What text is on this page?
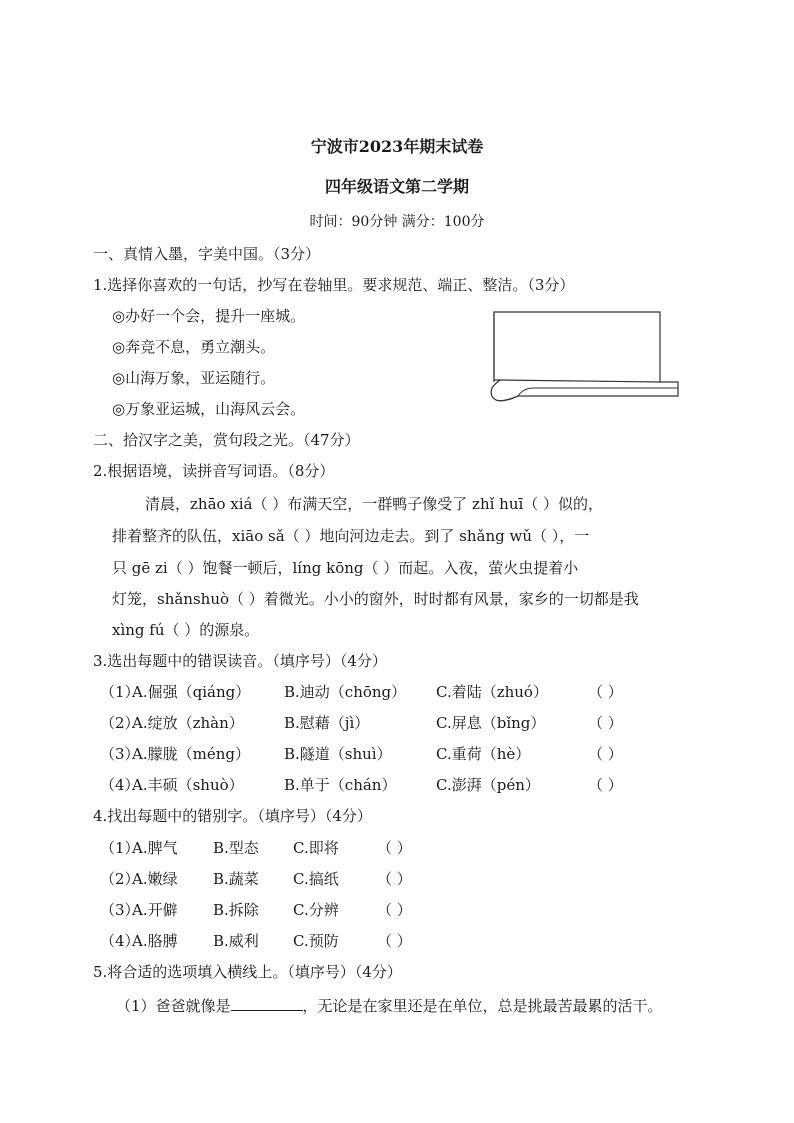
宁波市2023年期末试卷
四年级语文第二学期
时间：90分钟 满分：100分
一、真情入墨，字美中国。（3分）
1.选择你喜欢的一句话，抄写在卷轴里。要求规范、端正、整洁。（3分）
◎办好一个会，提升一座城。
◎奔竞不息，勇立潮头。
◎山海万象，亚运随行。
◎万象亚运城，山海风云会。
二、拾汉字之美，赏句段之光。（47分）
2.根据语境，读拼音写词语。（8分）
清晨，zhāo xiá（ ）布满天空，一群鸭子像受了 zhǐ huī（ ）似的，
排着整齐的队伍，xiāo sǎ（ ）地向河边走去。到了 shǎng wǔ（ ），一
只 gē zi（ ）饱餐一顿后，líng kōng（ ）而起。入夜，萤火虫提着小
灯笼，shǎnshuò（ ）着微光。小小的窗外，时时都有风景，家乡的一切都是我
xìng fú（ ）的源泉。
3.选出每题中的错误读音。（填序号）（4分）
（1）A.倔强（qiáng） B.迪动（chōng） C.着陆（zhuó）	（ ）
（2）A.绽放（zhàn）	B.慰藉（jì）	C.屏息（bǐng）	（ ）
（3）A.朦胧（méng） B.隧道（shuì）	C.重荷（hè）	（ ）
（4）A.丰硕（shuò）	B.单于（chán）	C.澎湃（pén）	（ ）
4.找出每题中的错别字。（填序号）（4分）
（1）A.脾气 B.型态 C.即将	（ ）
（2）A.嫩绿 B.蔬菜 C.搞纸	（ ）
（3）A.开僻 B.拆除 C.分辨	（ ）
（4）A.胳膊 B.威利 C.预防	（ ）
5.将合适的选项填入横线上。（填序号）（4分）
（1）爸爸就像是	，无论是在家里还是在单位，总是挑最苦最累的活干。
